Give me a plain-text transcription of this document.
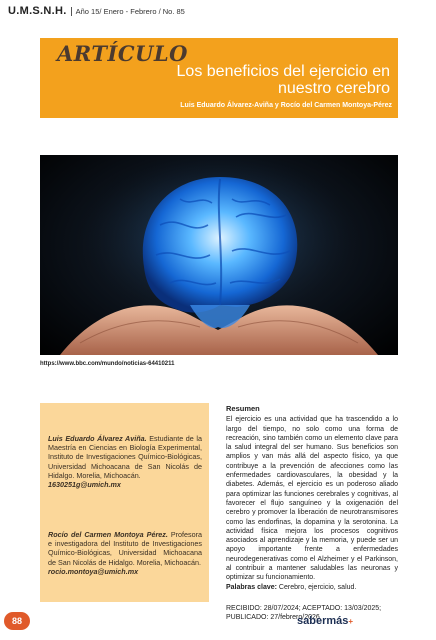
U.M.S.N.H.	Año 15/ Enero - Febrero / No. 85
ARTÍCULO
Los beneficios del ejercicio en nuestro cerebro
Luis Eduardo Álvarez-Aviña y Rocío del Carmen Montoya-Pérez
https://www.bbc.com/mundo/noticias-64410211
Luis Eduardo Álvarez Aviña. Estudiante de la Maestría en Ciencias en Biología Experimental, Instituto de Investigaciones Químico-Biológicas, Universidad Michoacana de San Nicolás de Hidalgo. Morelia, Michoacán.
1630251g@umich.mx
Rocío del Carmen Montoya Pérez. Profesora e investigadora del Instituto de Investigaciones Químico-Biológicas, Universidad Michoacana de San Nicolás de Hidalgo. Morelia, Michoacán.
rocio.montoya@umich.mx
Resumen

El ejercicio es una actividad que ha trascendido a lo largo del tiempo, no solo como una forma de recreación, sino también como un elemento clave para la salud integral del ser humano. Sus beneficios son amplios y van más allá del aspecto físico, ya que contribuye a la prevención de afecciones como las enfermedades cardiovasculares, la obesidad y la diabetes. Además, el ejercicio es un poderoso aliado para optimizar las funciones cerebrales y cognitivas, al favorecer el flujo sanguíneo y la oxigenación del cerebro y promover la liberación de neurotransmisores como las endorfinas, la dopamina y la serotonina. La actividad física mejora los procesos cognitivos asociados al aprendizaje y la memoria, y puede ser un apoyo importante frente a enfermedades neurodegenerativas como el Alzheimer y el Parkinson, al contribuir a mantener saludables las neuronas y optimizar su funcionamiento.

Palabras clave: Cerebro, ejercicio, salud.
RECIBIDO: 28/07/2024; ACEPTADO: 13/03/2025;
PUBLICADO: 27/febrero/2026
88	sabermás+
